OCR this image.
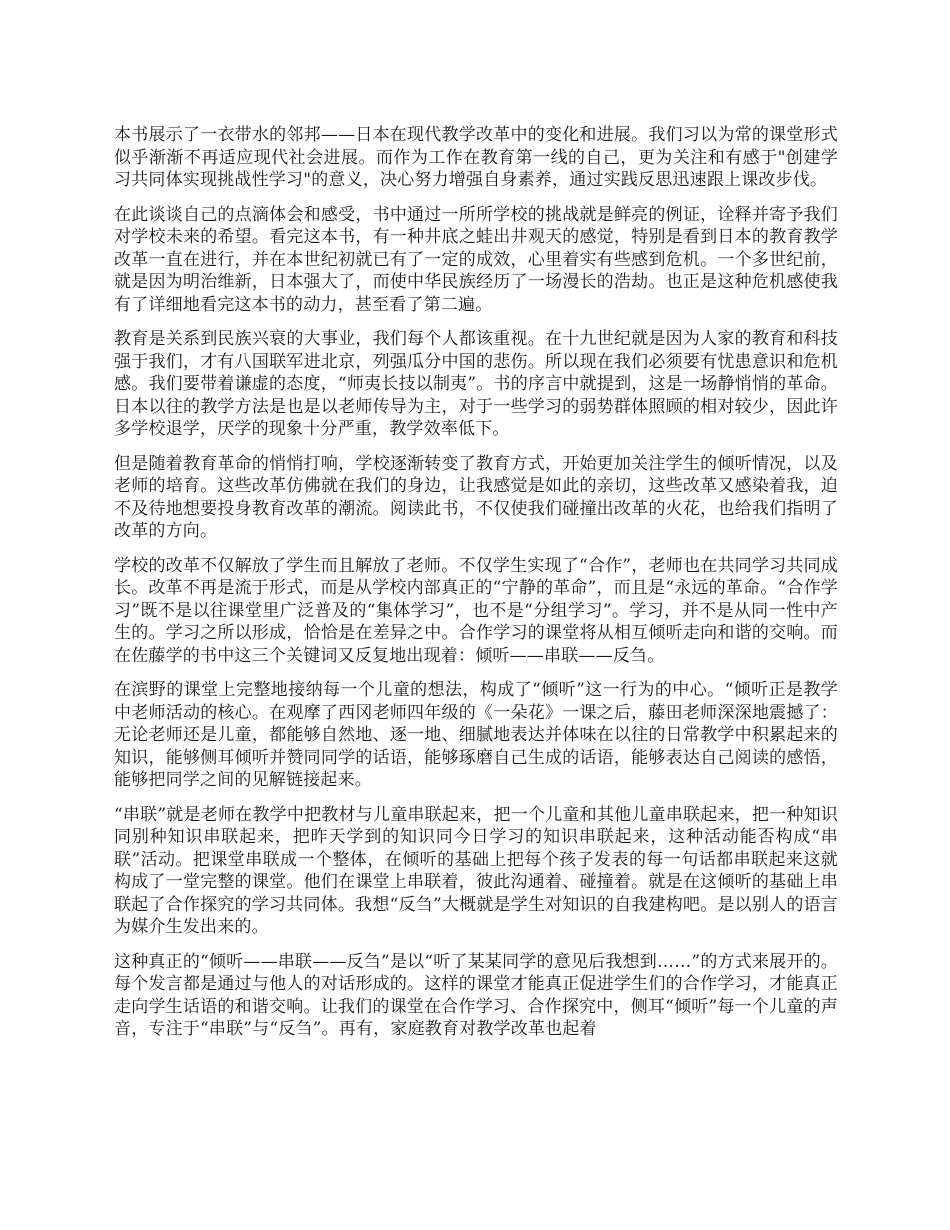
本书展示了一衣带水的邻邦——日本在现代教学改革中的变化和进展。我们习以为常的课堂形式似乎渐渐不再适应现代社会进展。而作为工作在教育第一线的自己，更为关注和有感于"创建学习共同体实现挑战性学习"的意义，决心努力增强自身素养，通过实践反思迅速跟上课改步伐。

在此谈谈自己的点滴体会和感受，书中通过一所所学校的挑战就是鲜亮的例证，诠释并寄予我们对学校未来的希望。看完这本书，有一种井底之蛙出井观天的感觉，特别是看到日本的教育教学改革一直在进行，并在本世纪初就已有了一定的成效，心里着实有些感到危机。一个多世纪前，就是因为明治维新，日本强大了，而使中华民族经历了一场漫长的浩劫。也正是这种危机感使我有了详细地看完这本书的动力，甚至看了第二遍。

教育是关系到民族兴衰的大事业，我们每个人都该重视。在十九世纪就是因为人家的教育和科技强于我们，才有八国联军进北京，列强瓜分中国的悲伤。所以现在我们必须要有忧患意识和危机感。我们要带着谦虚的态度，“师夷长技以制夷”。书的序言中就提到，这是一场静悄悄的革命。日本以往的教学方法是也是以老师传导为主，对于一些学习的弱势群体照顾的相对较少，因此许多学校退学，厌学的现象十分严重，教学效率低下。

但是随着教育革命的悄悄打响，学校逐渐转变了教育方式，开始更加关注学生的倾听情况，以及老师的培育。这些改革仿佛就在我们的身边，让我感觉是如此的亲切，这些改革又感染着我，迫不及待地想要投身教育改革的潮流。阅读此书，不仅使我们碰撞出改革的火花，也给我们指明了改革的方向。

学校的改革不仅解放了学生而且解放了老师。不仅学生实现了“合作”，老师也在共同学习共同成长。改革不再是流于形式，而是从学校内部真正的“宁静的革命”，而且是“永远的革命。“合作学习”既不是以往课堂里广泛普及的“集体学习”，也不是“分组学习”。学习，并不是从同一性中产生的。学习之所以形成，恰恰是在差异之中。合作学习的课堂将从相互倾听走向和谐的交响。而在佐藤学的书中这三个关键词又反复地出现着：倾听——串联——反刍。

在滨野的课堂上完整地接纳每一个儿童的想法，构成了“倾听”这一行为的中心。“倾听正是教学中老师活动的核心。在观摩了西冈老师四年级的《一朵花》一课之后，藤田老师深深地震撼了：无论老师还是儿童，都能够自然地、逐一地、细腻地表达并体味在以往的日常教学中积累起来的知识，能够侧耳倾听并赞同同学的话语，能够琢磨自己生成的话语，能够表达自己阅读的感悟，能够把同学之间的见解链接起来。

“串联”就是老师在教学中把教材与儿童串联起来，把一个儿童和其他儿童串联起来，把一种知识同别种知识串联起来，把昨天学到的知识同今日学习的知识串联起来，这种活动能否构成“串联”活动。把课堂串联成一个整体，在倾听的基础上把每个孩子发表的每一句话都串联起来这就构成了一堂完整的课堂。他们在课堂上串联着，彼此沟通着、碰撞着。就是在这倾听的基础上串联起了合作探究的学习共同体。我想“反刍”大概就是学生对知识的自我建构吧。是以别人的语言为媒介生发出来的。

这种真正的“倾听——串联——反刍”是以“听了某某同学的意见后我想到……”的方式来展开的。每个发言都是通过与他人的对话形成的。这样的课堂才能真正促进学生们的合作学习，才能真正走向学生话语的和谐交响。让我们的课堂在合作学习、合作探究中，侧耳“倾听”每一个儿童的声音，专注于“串联”与“反刍”。再有，家庭教育对教学改革也起着
